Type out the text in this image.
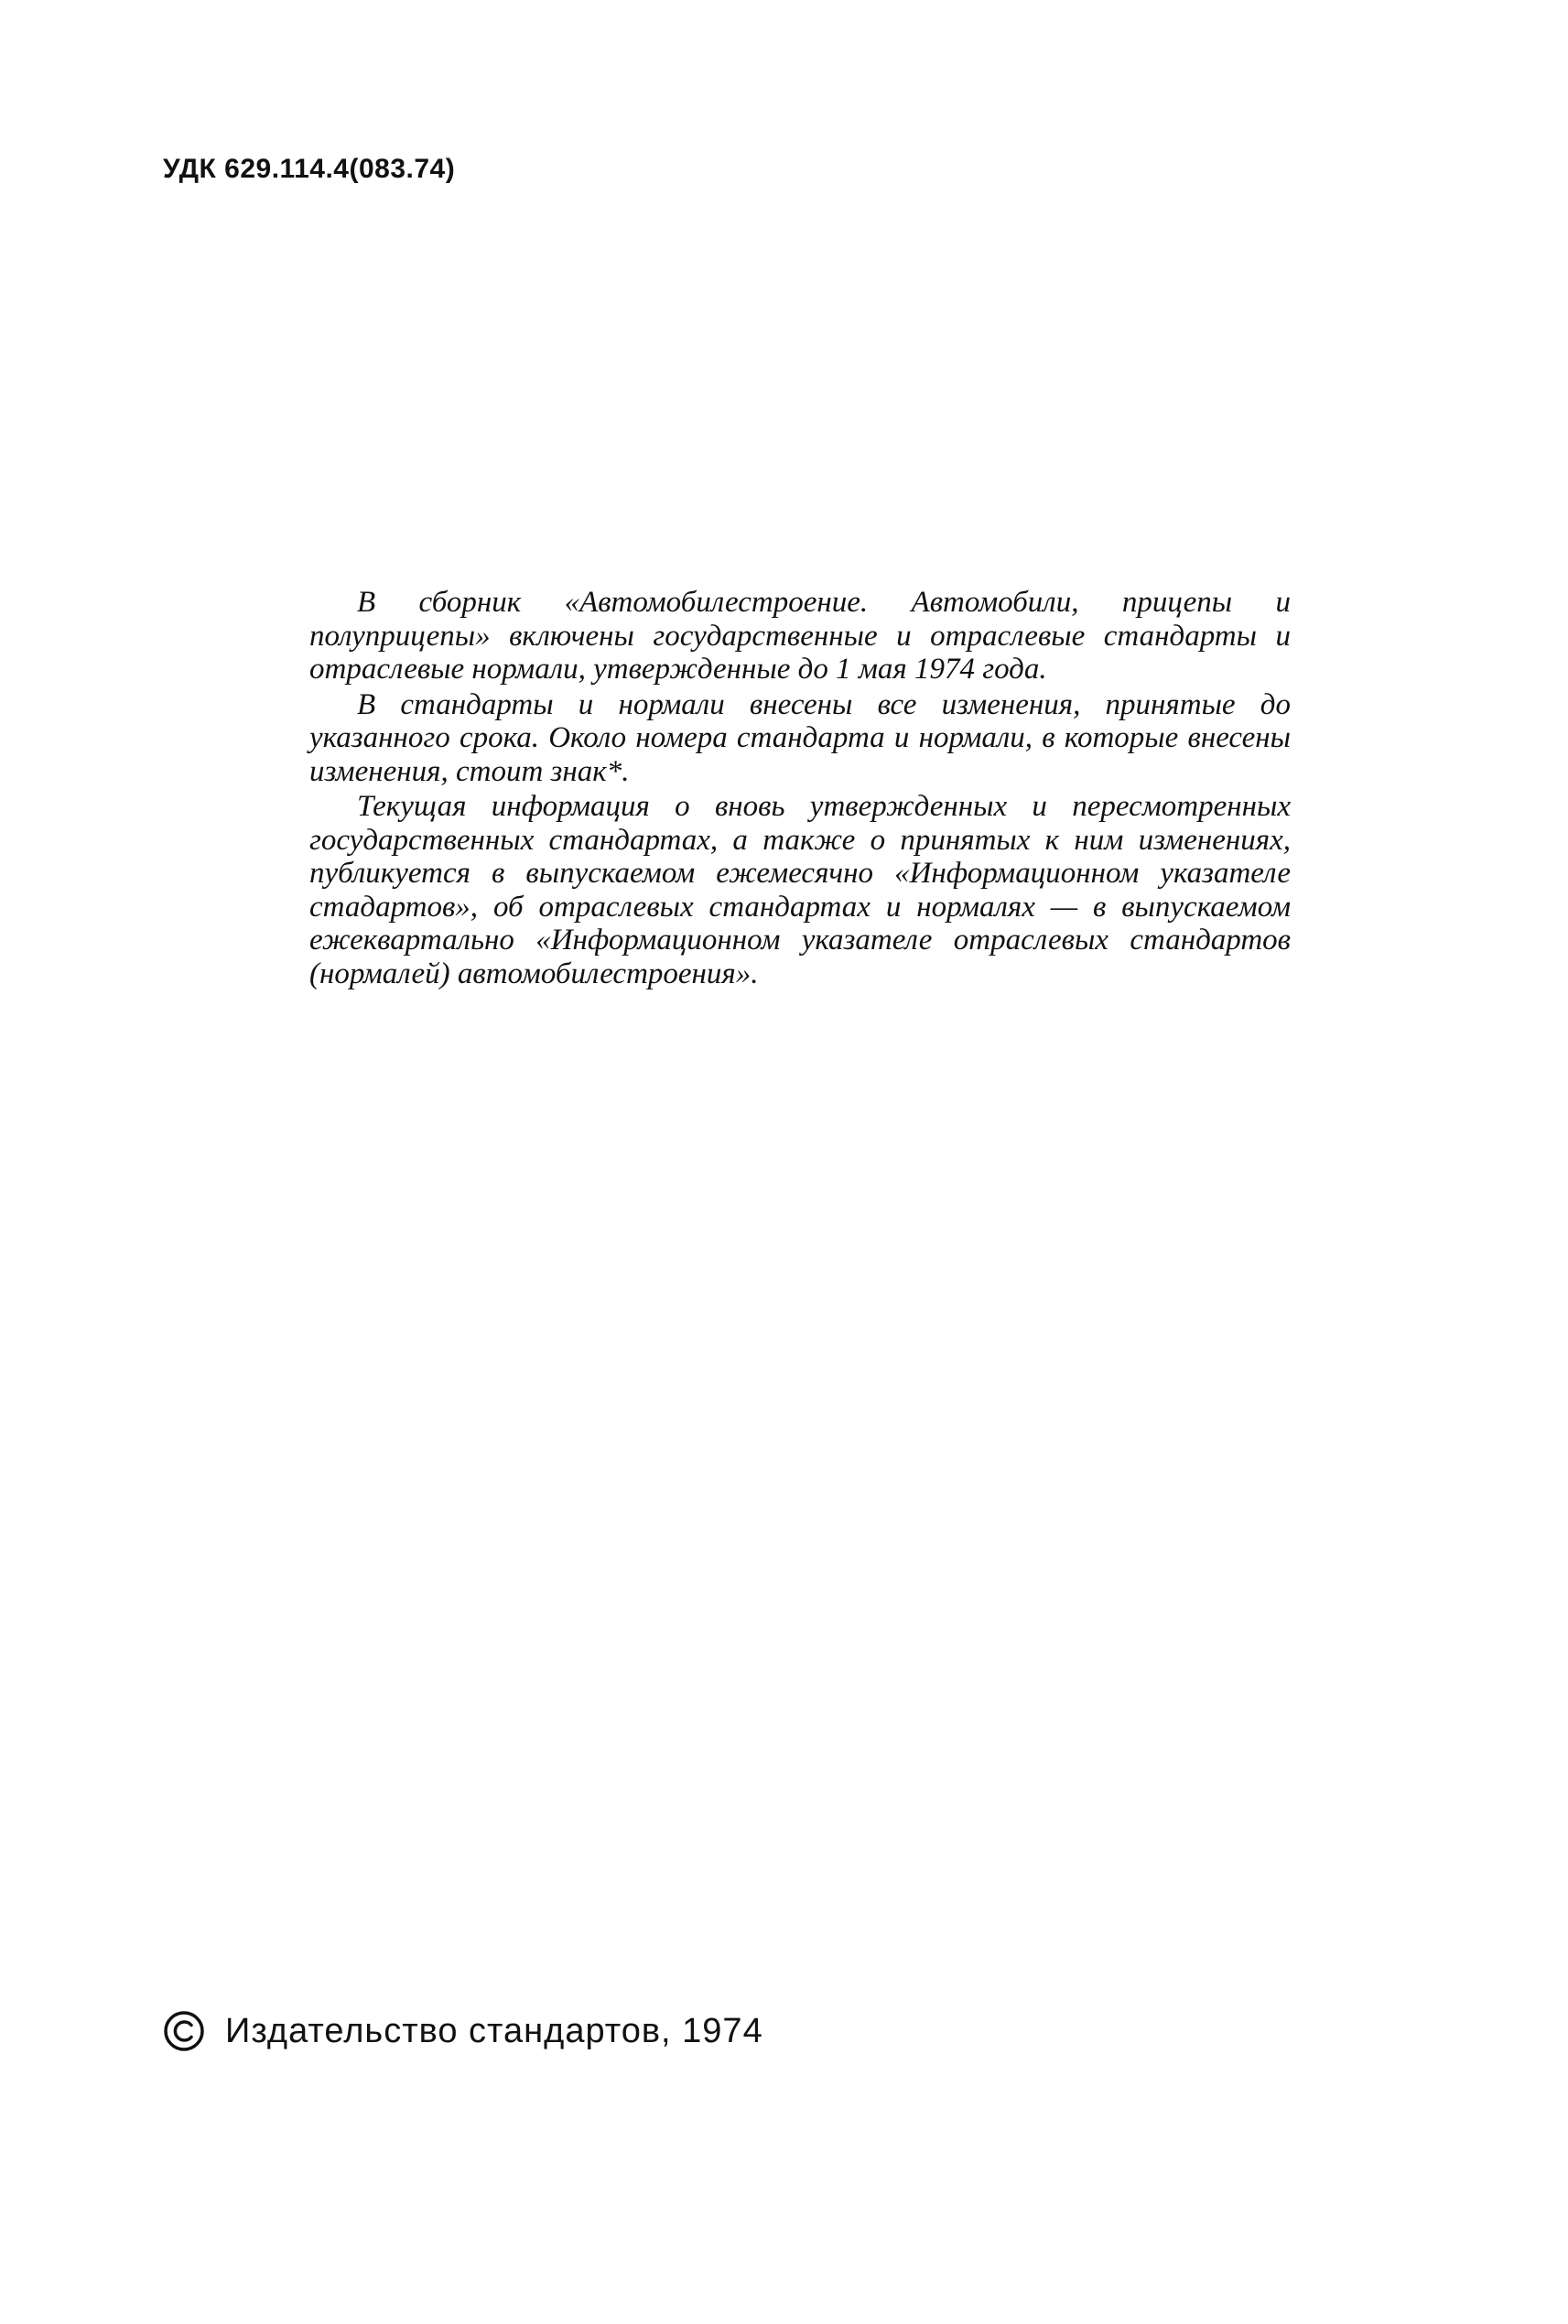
УДК 629.114.4(083.74)

В сборник «Автомобилестроение. Автомобили, прицепы и полуприцепы» включены государственные и отраслевые стандарты и отраслевые нормали, утвержденные до 1 мая 1974 года.

В стандарты и нормали внесены все изменения, принятые до указанного срока. Около номера стандарта и нормали, в которые внесены изменения, стоит знак*.

Текущая информация о вновь утвержденных и пересмотренных государственных стандартах, а также о принятых к ним изменениях, публикуется в выпускаемом ежемесячно «Информационном указателе стадартов», об отраслевых стандартах и нормалях — в выпускаемом ежеквартально «Информационном указателе отраслевых стандартов (нормалей) автомобилестроения».

Издательство стандартов, 1974
